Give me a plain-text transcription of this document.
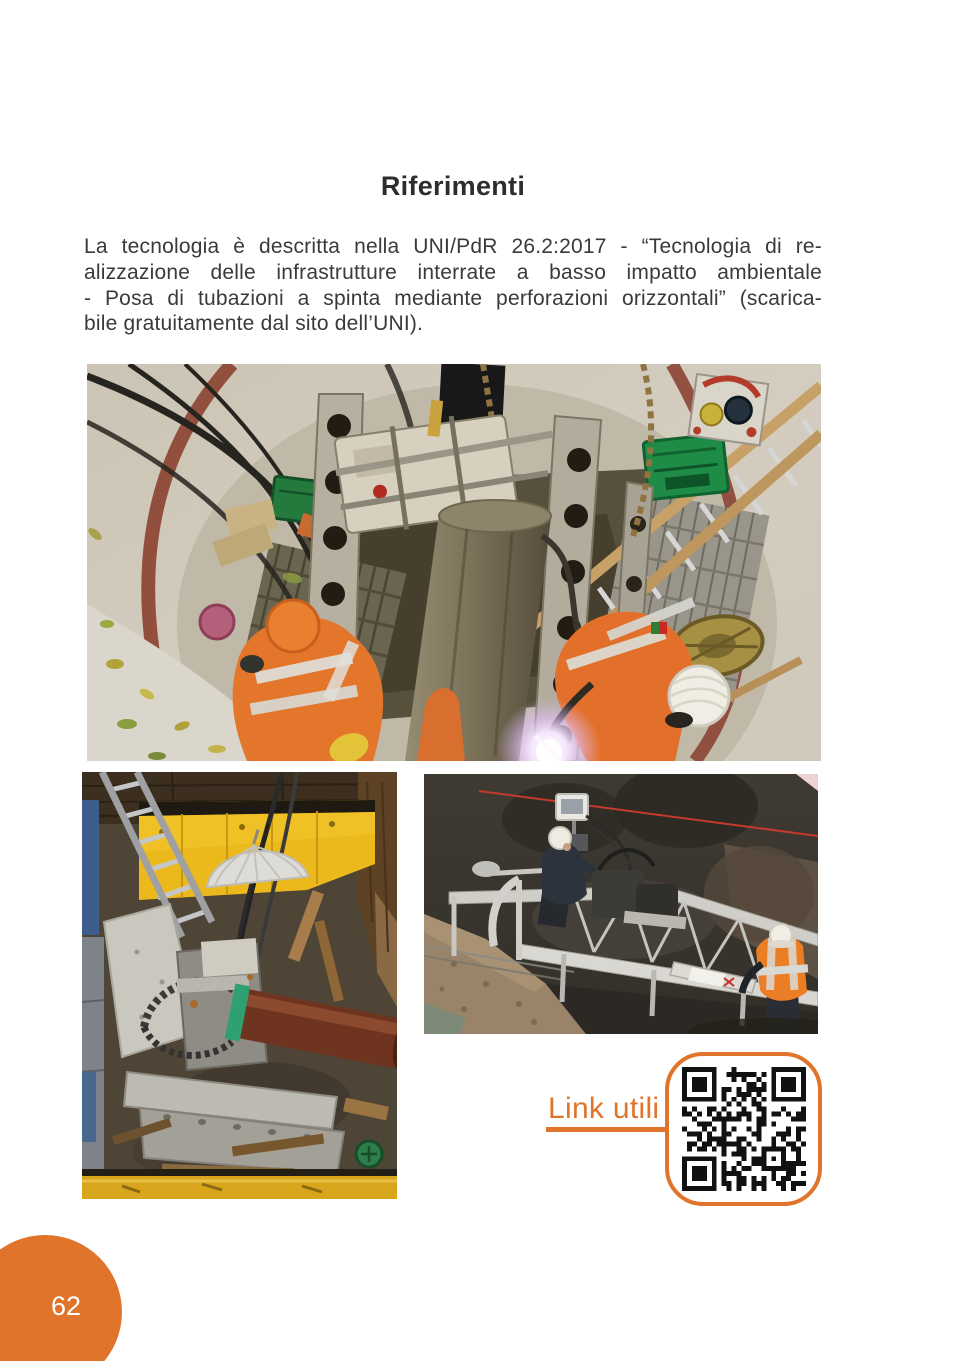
Riferimenti
La tecnologia è descritta nella UNI/PdR 26.2:2017 - “Tecnologia di re-
alizzazione delle infrastrutture interrate a basso impatto ambientale
- Posa di tubazioni a spinta mediante perforazioni orizzontali” (scarica-
bile gratuitamente dal sito dell’UNI).
Link utili
62
